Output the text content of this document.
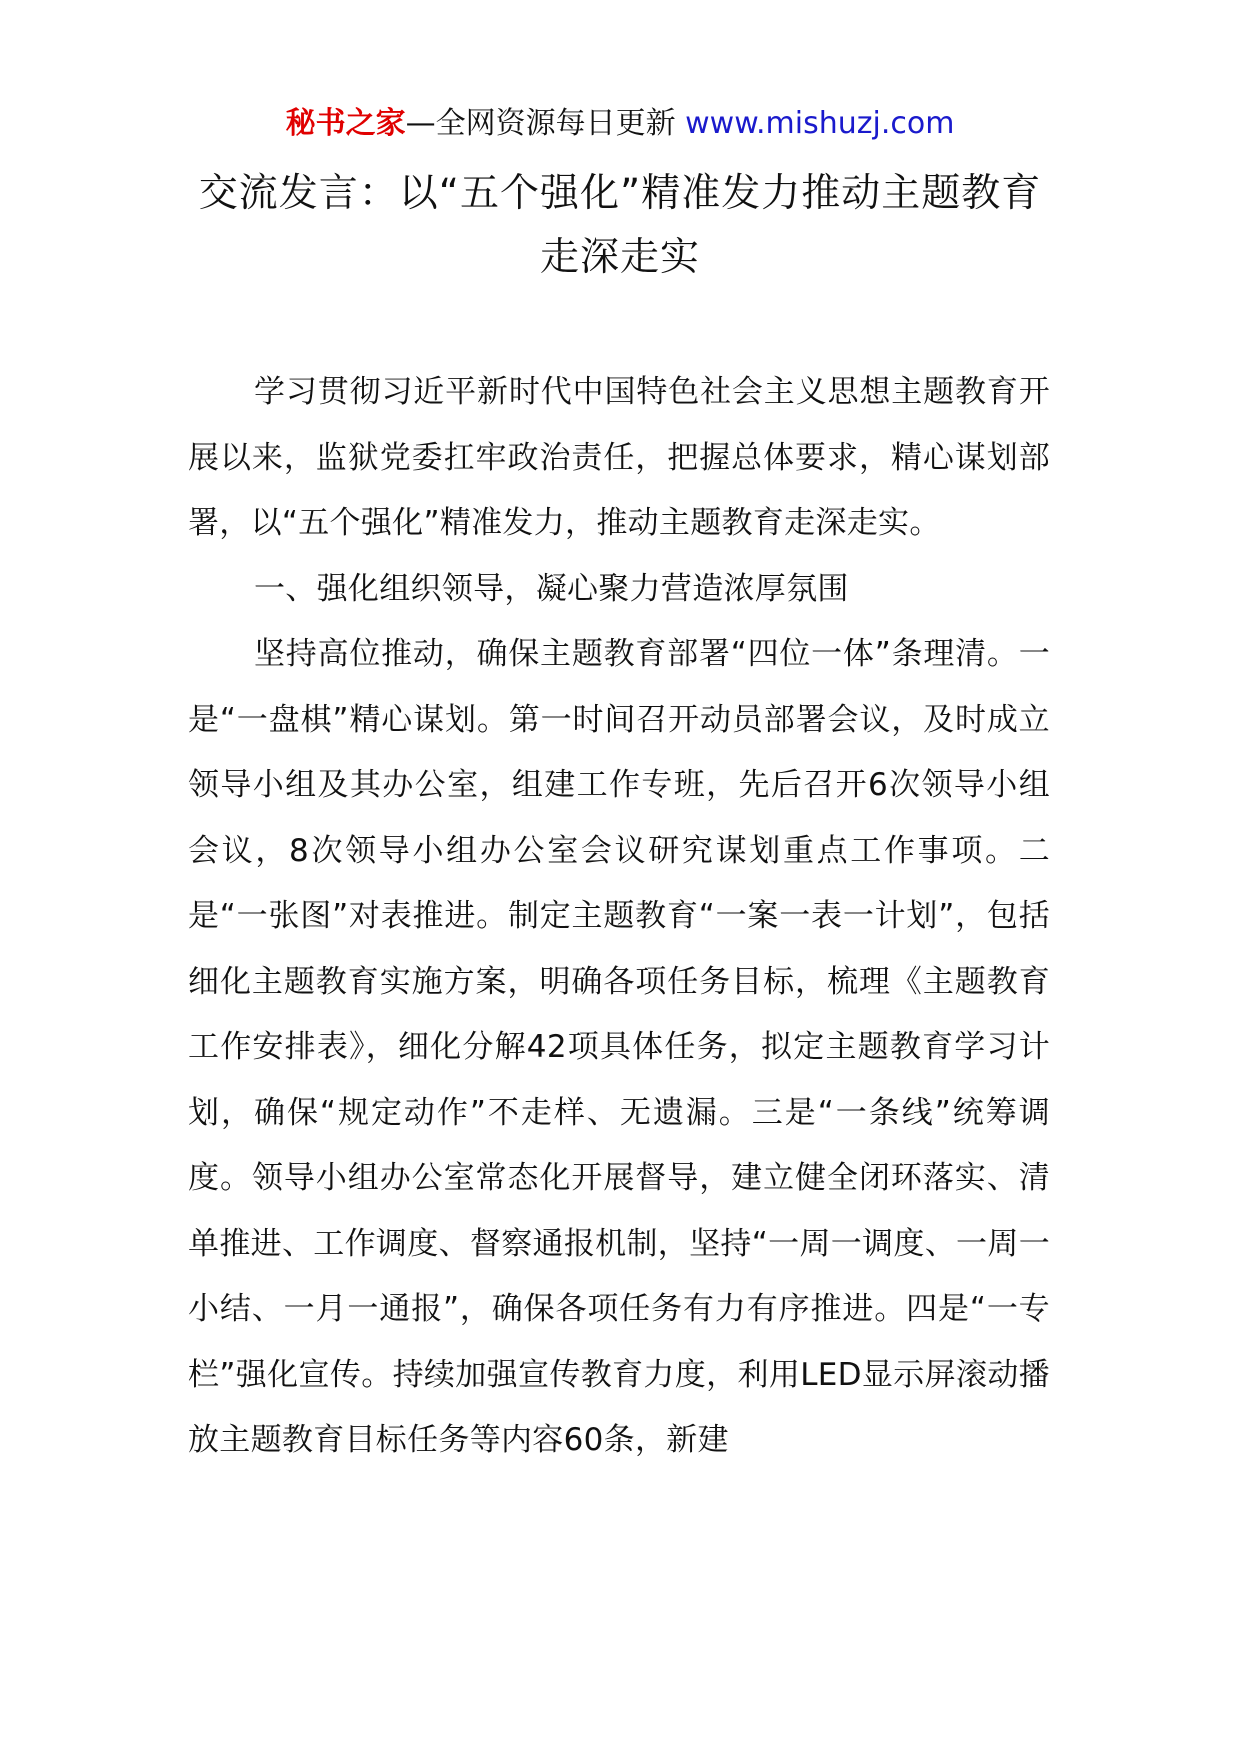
秘书之家—全网资源每日更新 www.mishuzj.com
交流发言：以“五个强化”精准发力推动主题教育走深走实

学习贯彻习近平新时代中国特色社会主义思想主题教育开展以来，监狱党委扛牢政治责任，把握总体要求，精心谋划部署，以“五个强化”精准发力，推动主题教育走深走实。

一、强化组织领导，凝心聚力营造浓厚氛围

坚持高位推动，确保主题教育部署“四位一体”条理清。一是“一盘棋”精心谋划。第一时间召开动员部署会议，及时成立领导小组及其办公室，组建工作专班，先后召开6次领导小组会议，8次领导小组办公室会议研究谋划重点工作事项。二是“一张图”对表推进。制定主题教育“一案一表一计划”，包括细化主题教育实施方案，明确各项任务目标，梳理《主题教育工作安排表》，细化分解42项具体任务，拟定主题教育学习计划，确保“规定动作”不走样、无遗漏。三是“一条线”统筹调度。领导小组办公室常态化开展督导，建立健全闭环落实、清单推进、工作调度、督察通报机制，坚持“一周一调度、一周一小结、一月一通报”，确保各项任务有力有序推进。四是“一专栏”强化宣传。持续加强宣传教育力度，利用LED显示屏滚动播放主题教育目标任务等内容60条，新建
